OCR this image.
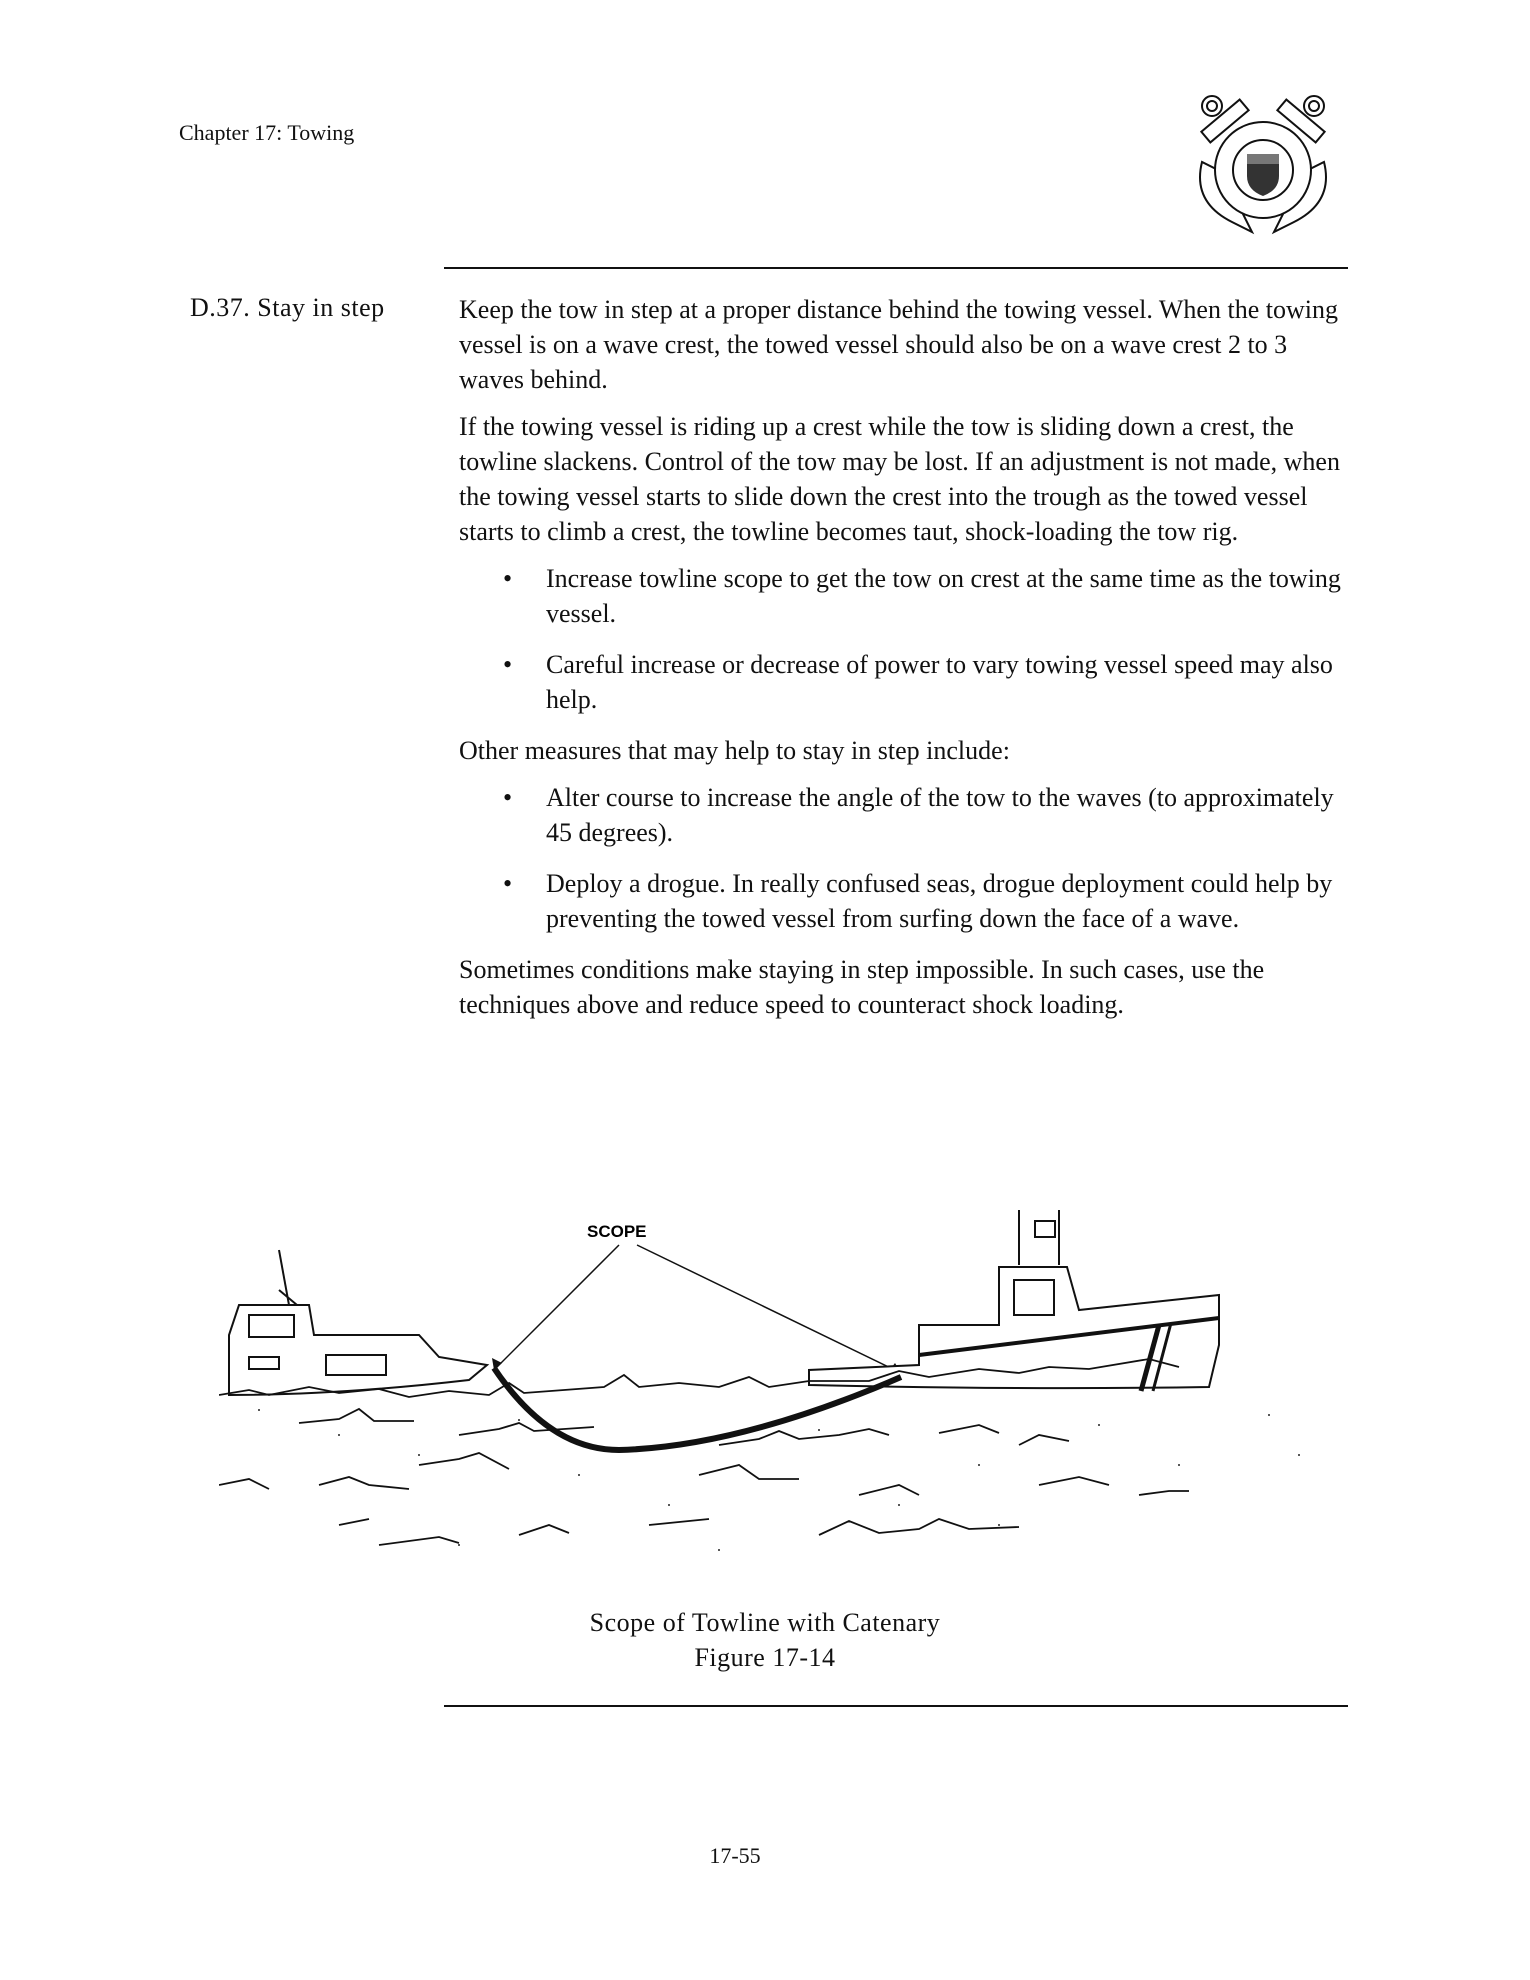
Chapter 17: Towing
D.37. Stay in step	Keep the tow in step at a proper distance behind the towing vessel. When the towing vessel is on a wave crest, the towed vessel should also be on a wave crest 2 to 3 waves behind.

If the towing vessel is riding up a crest while the tow is sliding down a crest, the towline slackens. Control of the tow may be lost. If an adjustment is not made, when the towing vessel starts to slide down the crest into the trough as the towed vessel starts to climb a crest, the towline becomes taut, shock-loading the tow rig.

• Increase towline scope to get the tow on crest at the same time as the towing vessel.
• Careful increase or decrease of power to vary towing vessel speed may also help.

Other measures that may help to stay in step include:

• Alter course to increase the angle of the tow to the waves (to approximately 45 degrees).
• Deploy a drogue. In really confused seas, drogue deployment could help by preventing the towed vessel from surfing down the face of a wave.

Sometimes conditions make staying in step impossible. In such cases, use the techniques above and reduce speed to counteract shock loading.

SCOPE
Scope of Towline with Catenary
Figure 17-14
17-55
